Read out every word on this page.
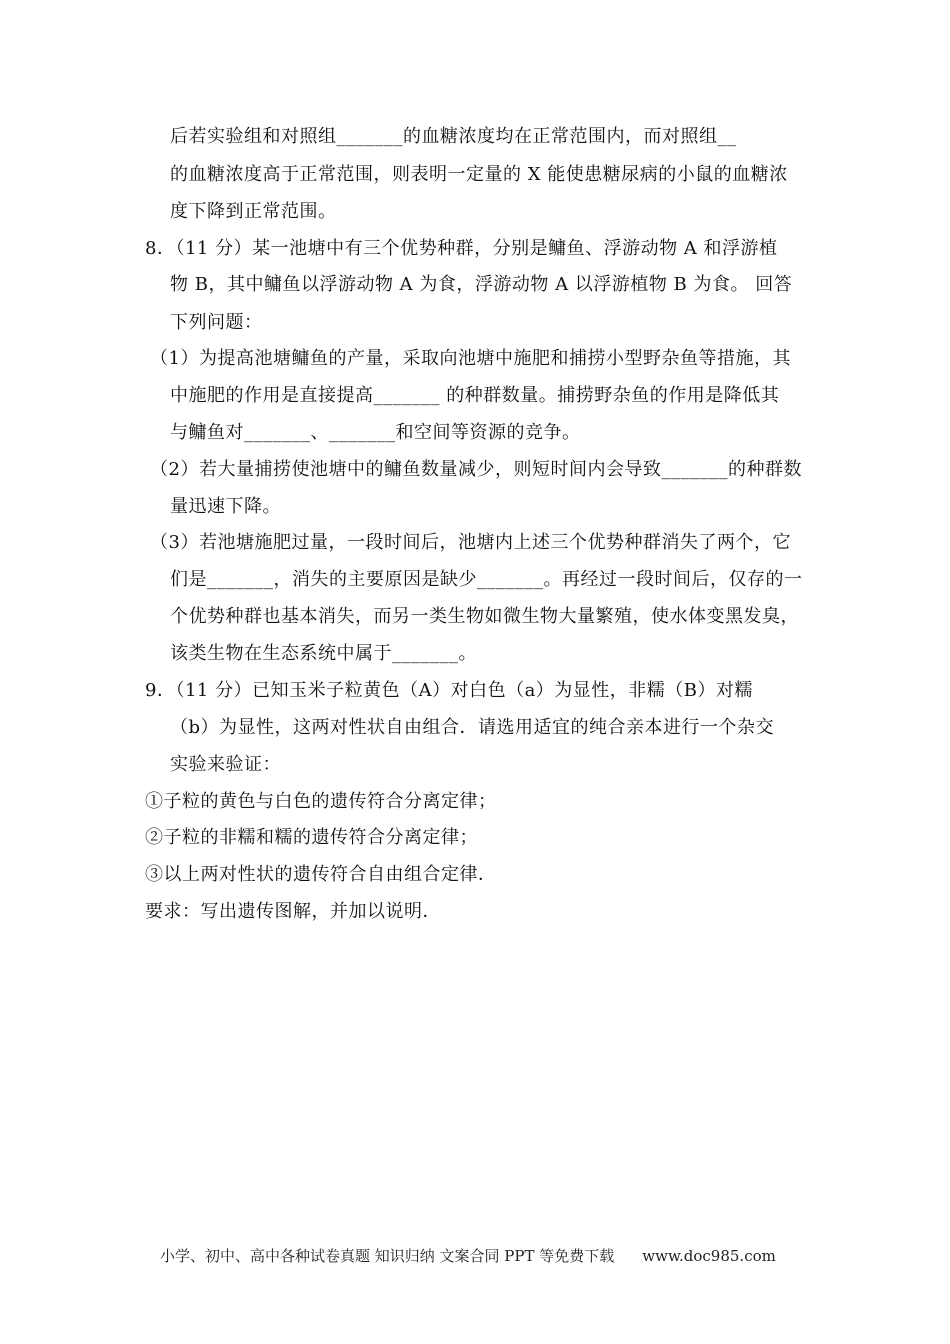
后若实验组和对照组_______的血糖浓度均在正常范围内，而对照组__
的血糖浓度高于正常范围，则表明一定量的 X 能使患糖尿病的小鼠的血糖浓
度下降到正常范围。
8．（11 分）某一池塘中有三个优势种群，分别是鳙鱼、浮游动物 A 和浮游植
物 B，其中鳙鱼以浮游动物 A 为食，浮游动物 A 以浮游植物 B 为食。 回答
下列问题：
（1）为提高池塘鳙鱼的产量，采取向池塘中施肥和捕捞小型野杂鱼等措施，其
中施肥的作用是直接提高_______ 的种群数量。捕捞野杂鱼的作用是降低其
与鳙鱼对_______、_______和空间等资源的竞争。
（2）若大量捕捞使池塘中的鳙鱼数量减少，则短时间内会导致_______的种群数
量迅速下降。
（3）若池塘施肥过量，一段时间后，池塘内上述三个优势种群消失了两个，它
们是_______，消失的主要原因是缺少_______。再经过一段时间后，仅存的一
个优势种群也基本消失，而另一类生物如微生物大量繁殖，使水体变黑发臭，
该类生物在生态系统中属于_______。
9．（11 分）已知玉米子粒黄色（A）对白色（a）为显性，非糯（B）对糯
（b）为显性，这两对性状自由组合．请选用适宜的纯合亲本进行一个杂交
实验来验证：
①子粒的黄色与白色的遗传符合分离定律；
②子粒的非糯和糯的遗传符合分离定律；
③以上两对性状的遗传符合自由组合定律．
要求：写出遗传图解，并加以说明．
小学、初中、高中各种试卷真题 知识归纳 文案合同 PPT 等免费下载 www.doc985.com
